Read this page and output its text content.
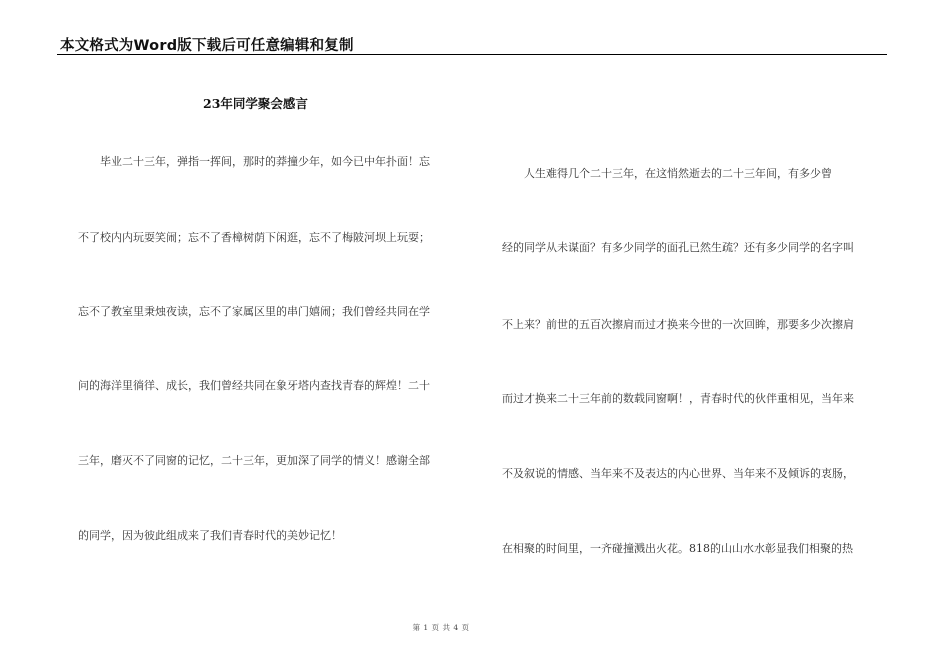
本文格式为Word版下载后可任意编辑和复制
23年同学聚会感言
　　毕业二十三年，弹指一挥间，那时的莽撞少年，如今已中年扑面！忘
不了校内内玩耍笑闹；忘不了香樟树荫下闲逛，忘不了梅陂河坝上玩耍；
忘不了教室里秉烛夜读，忘不了家属区里的串门嬉闹；我们曾经共同在学
问的海洋里徜徉、成长，我们曾经共同在象牙塔内查找青春的辉煌！二十
三年，磨灭不了同窗的记忆，二十三年，更加深了同学的情义！感谢全部
的同学，因为彼此组成来了我们青春时代的美妙记忆！
　　人生难得几个二十三年，在这悄然逝去的二十三年间，有多少曾
经的同学从未谋面？有多少同学的面孔已然生疏？还有多少同学的名字叫
不上来？前世的五百次擦肩而过才换来今世的一次回眸，那要多少次擦肩
而过才换来二十三年前的数载同窗啊！，青春时代的伙伴重相见，当年来
不及叙说的情感、当年来不及表达的内心世界、当年来不及倾诉的衷肠，
在相聚的时间里，一齐碰撞溅出火花。818的山山水水彰显我们相聚的热
第 1 页 共 4 页
